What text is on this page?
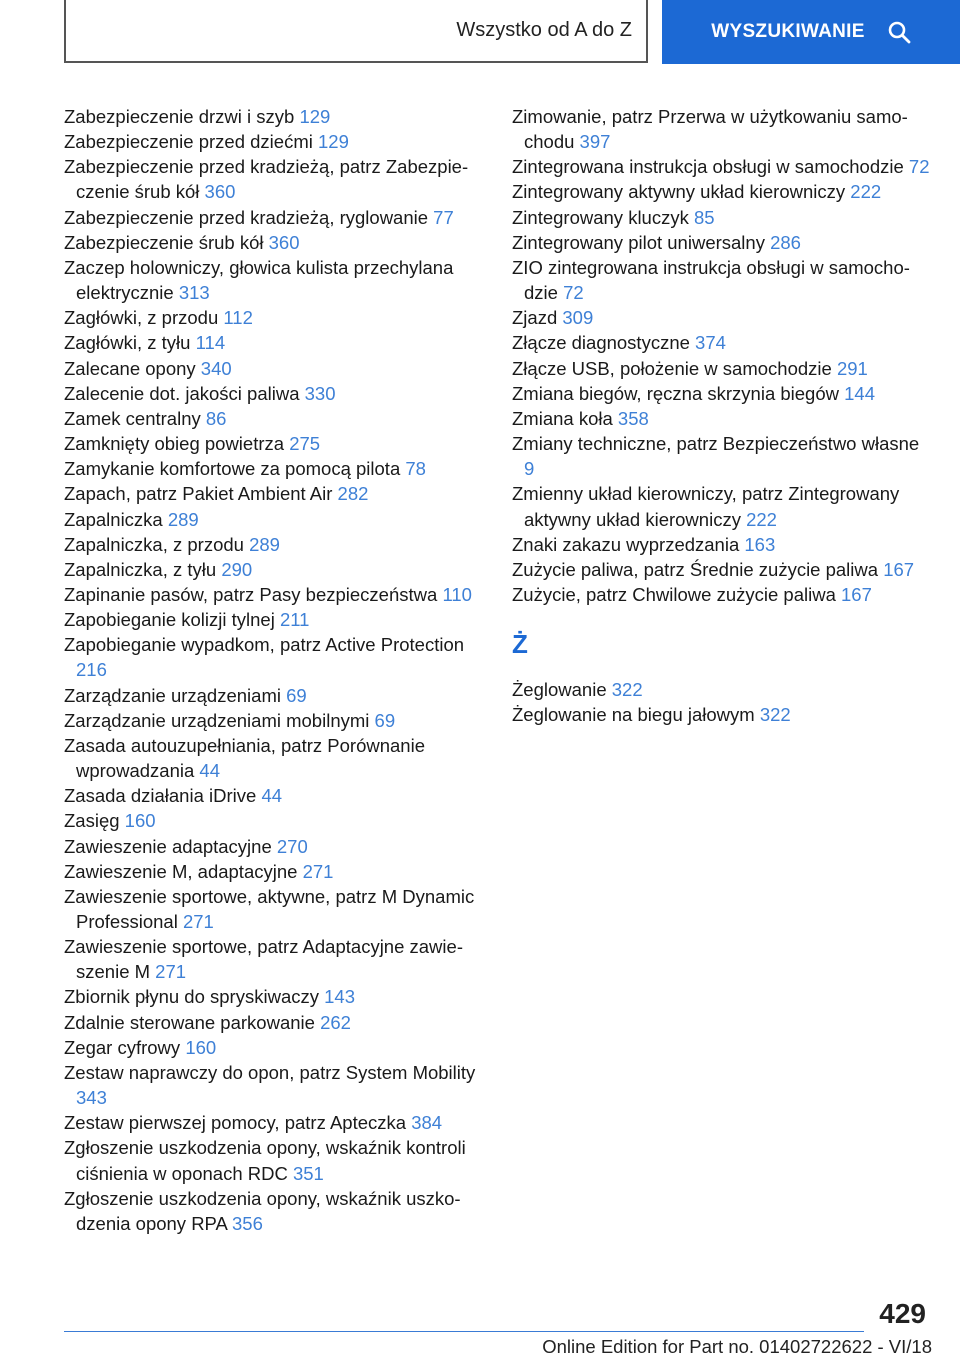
Wszystko od A do Z	WYSZUKIWANIE
Zabezpieczenie drzwi i szyb 129
Zabezpieczenie przed dziećmi 129
Zabezpieczenie przed kradzieżą, patrz Zabezpieczenie śrub kół 360
Zabezpieczenie przed kradzieżą, ryglowanie 77
Zabezpieczenie śrub kół 360
Zaczep holowniczy, głowica kulista przechylana elektrycznie 313
Zagłówki, z przodu 112
Zagłówki, z tyłu 114
Zalecane opony 340
Zalecenie dot. jakości paliwa 330
Zamek centralny 86
Zamknięty obieg powietrza 275
Zamykanie komfortowe za pomocą pilota 78
Zapach, patrz Pakiet Ambient Air 282
Zapalniczka 289
Zapalniczka, z przodu 289
Zapalniczka, z tyłu 290
Zapinanie pasów, patrz Pasy bezpieczeństwa 110
Zapobieganie kolizji tylnej 211
Zapobieganie wypadkom, patrz Active Protection 216
Zarządzanie urządzeniami 69
Zarządzanie urządzeniami mobilnymi 69
Zasada autouzupełniania, patrz Porównanie wprowadzania 44
Zasada działania iDrive 44
Zasięg 160
Zawieszenie adaptacyjne 270
Zawieszenie M, adaptacyjne 271
Zawieszenie sportowe, aktywne, patrz M Dynamic Professional 271
Zawieszenie sportowe, patrz Adaptacyjne zawieszenie M 271
Zbiornik płynu do spryskiwaczy 143
Zdalnie sterowane parkowanie 262
Zegar cyfrowy 160
Zestaw naprawczy do opon, patrz System Mobility 343
Zestaw pierwszej pomocy, patrz Apteczka 384
Zgłoszenie uszkodzenia opony, wskaźnik kontroli ciśnienia w oponach RDC 351
Zgłoszenie uszkodzenia opony, wskaźnik uszkodzenia opony RPA 356
Zimowanie, patrz Przerwa w użytkowaniu samochodu 397
Zintegrowana instrukcja obsługi w samochodzie 72
Zintegrowany aktywny układ kierowniczy 222
Zintegrowany kluczyk 85
Zintegrowany pilot uniwersalny 286
ZIO zintegrowana instrukcja obsługi w samochodzie 72
Zjazd 309
Złącze diagnostyczne 374
Złącze USB, położenie w samochodzie 291
Zmiana biegów, ręczna skrzynia biegów 144
Zmiana koła 358
Zmiany techniczne, patrz Bezpieczeństwo własne 9
Zmienny układ kierowniczy, patrz Zintegrowany aktywny układ kierowniczy 222
Znaki zakazu wyprzedzania 163
Zużycie paliwa, patrz Średnie zużycie paliwa 167
Zużycie, patrz Chwilowe zużycie paliwa 167
Ż
Żeglowanie 322
Żeglowanie na biegu jałowym 322
429
Online Edition for Part no. 01402722622 - VI/18
